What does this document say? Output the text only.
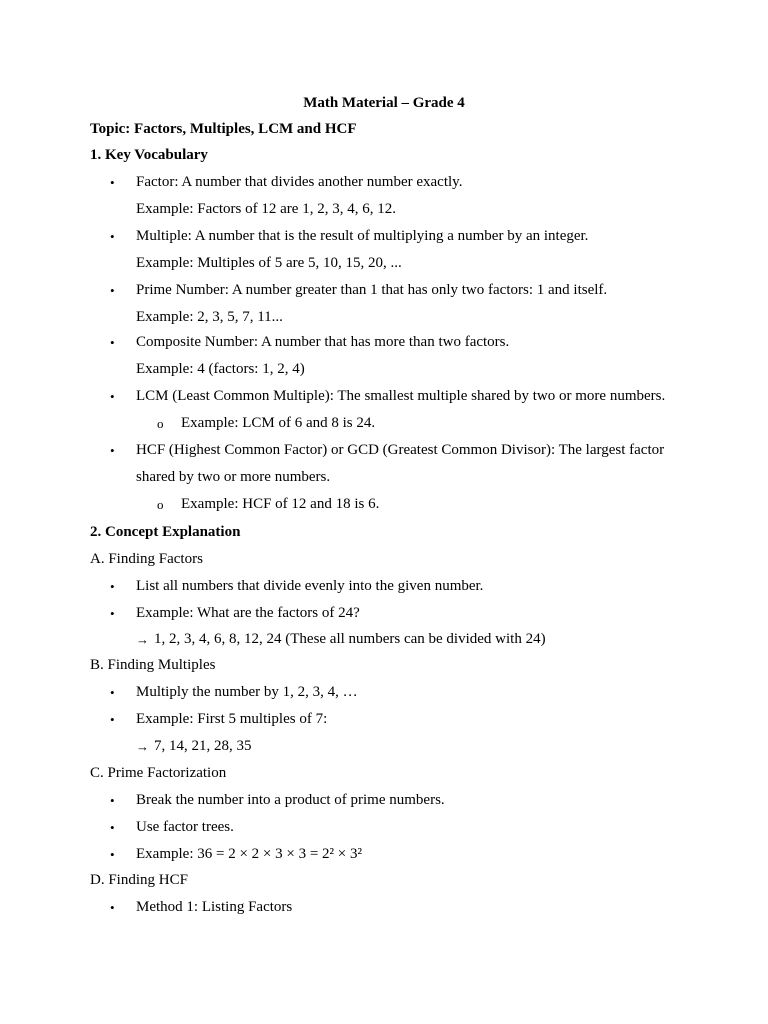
Math Material – Grade 4
Topic: Factors, Multiples, LCM and HCF
1. Key Vocabulary
• Factor: A number that divides another number exactly.
Example: Factors of 12 are 1, 2, 3, 4, 6, 12.
• Multiple: A number that is the result of multiplying a number by an integer.
Example: Multiples of 5 are 5, 10, 15, 20, ...
• Prime Number: A number greater than 1 that has only two factors: 1 and itself.
Example: 2, 3, 5, 7, 11...
• Composite Number: A number that has more than two factors.
Example: 4 (factors: 1, 2, 4)
• LCM (Least Common Multiple): The smallest multiple shared by two or more numbers.
o Example: LCM of 6 and 8 is 24.
• HCF (Highest Common Factor) or GCD (Greatest Common Divisor): The largest factor
shared by two or more numbers.
o Example: HCF of 12 and 18 is 6.
2. Concept Explanation
A. Finding Factors
• List all numbers that divide evenly into the given number.
• Example: What are the factors of 24?
→ 1, 2, 3, 4, 6, 8, 12, 24 (These all numbers can be divided with 24)
B. Finding Multiples
• Multiply the number by 1, 2, 3, 4, …
• Example: First 5 multiples of 7:
→ 7, 14, 21, 28, 35
C. Prime Factorization
• Break the number into a product of prime numbers.
• Use factor trees.
• Example: 36 = 2 × 2 × 3 × 3 = 2² × 3²
D. Finding HCF
• Method 1: Listing Factors
